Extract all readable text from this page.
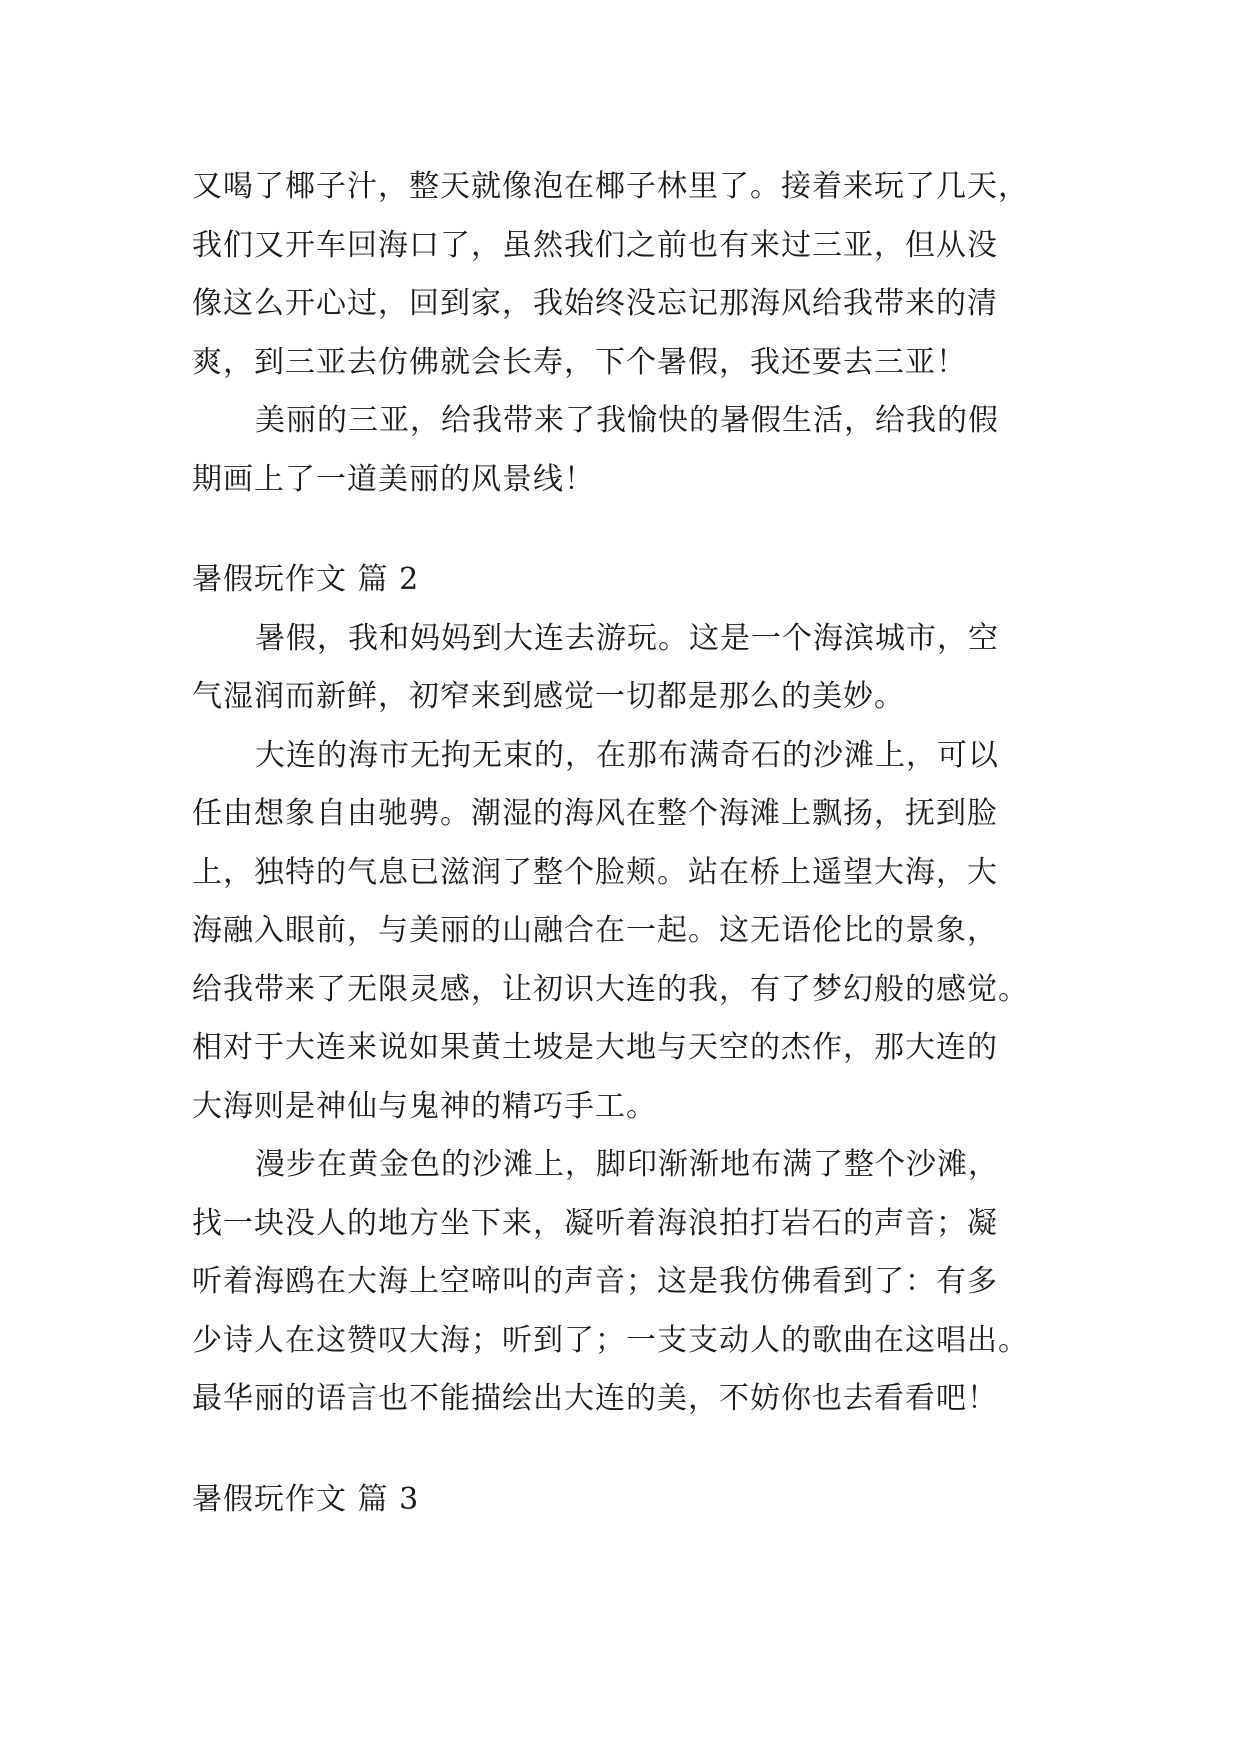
又喝了椰子汁，整天就像泡在椰子林里了。接着来玩了几天，
我们又开车回海口了，虽然我们之前也有来过三亚，但从没
像这么开心过，回到家，我始终没忘记那海风给我带来的清
爽，到三亚去仿佛就会长寿，下个暑假，我还要去三亚！
美丽的三亚，给我带来了我愉快的暑假生活，给我的假
期画上了一道美丽的风景线！
暑假玩作文 篇 2
暑假，我和妈妈到大连去游玩。这是一个海滨城市，空
气湿润而新鲜，初窄来到感觉一切都是那么的美妙。
大连的海市无拘无束的，在那布满奇石的沙滩上，可以
任由想象自由驰骋。潮湿的海风在整个海滩上飘扬，抚到脸
上，独特的气息已滋润了整个脸颊。站在桥上遥望大海，大
海融入眼前，与美丽的山融合在一起。这无语伦比的景象，
给我带来了无限灵感，让初识大连的我，有了梦幻般的感觉。
相对于大连来说如果黄土坡是大地与天空的杰作，那大连的
大海则是神仙与鬼神的精巧手工。
漫步在黄金色的沙滩上，脚印渐渐地布满了整个沙滩，
找一块没人的地方坐下来，凝听着海浪拍打岩石的声音；凝
听着海鸥在大海上空啼叫的声音；这是我仿佛看到了：有多
少诗人在这赞叹大海；听到了；一支支动人的歌曲在这唱出。
最华丽的语言也不能描绘出大连的美，不妨你也去看看吧！
暑假玩作文 篇 3
